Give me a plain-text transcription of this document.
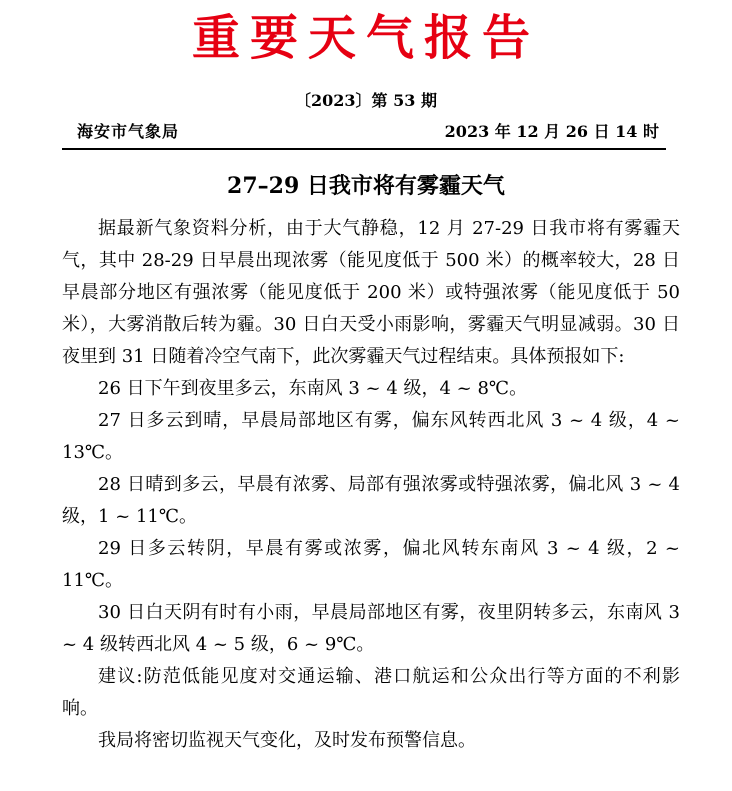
重要天气报告
〔2023〕第 53 期
海安市气象局	2023 年 12 月 26 日 14 时
27–29 日我市将有雾霾天气

据最新气象资料分析，由于大气静稳，12 月 27-29 日我市将有雾霾天气，其中 28-29 日早晨出现浓雾（能见度低于 500 米）的概率较大，28 日早晨部分地区有强浓雾（能见度低于 200 米）或特强浓雾（能见度低于 50 米），大雾消散后转为霾。30 日白天受小雨影响，雾霾天气明显减弱。30 日夜里到 31 日随着冷空气南下，此次雾霾天气过程结束。具体预报如下:

26 日下午到夜里多云，东南风 3 ~ 4 级，4 ~ 8℃。

27 日多云到晴，早晨局部地区有雾，偏东风转西北风 3 ~ 4 级，4 ~ 13℃。

28 日晴到多云，早晨有浓雾、局部有强浓雾或特强浓雾，偏北风 3 ~ 4 级，1 ~ 11℃。

29 日多云转阴，早晨有雾或浓雾，偏北风转东南风 3 ~ 4 级，2 ~ 11℃。

30 日白天阴有时有小雨，早晨局部地区有雾，夜里阴转多云，东南风 3 ~ 4 级转西北风 4 ~ 5 级，6 ~ 9℃。

建议:防范低能见度对交通运输、港口航运和公众出行等方面的不利影响。

我局将密切监视天气变化，及时发布预警信息。
